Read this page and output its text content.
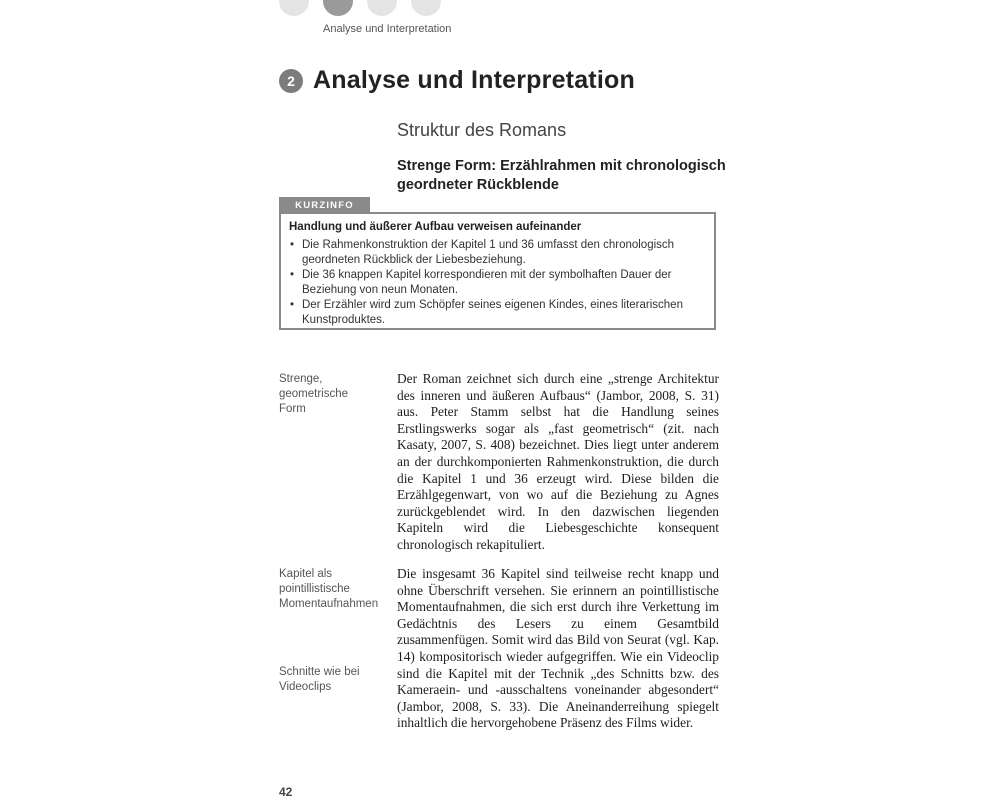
Analyse und Interpretation
2 Analyse und Interpretation
Struktur des Romans
Strenge Form: Erzählrahmen mit chronologisch geordneter Rückblende
KURZINFO
Handlung und äußerer Aufbau verweisen aufeinander
• Die Rahmenkonstruktion der Kapitel 1 und 36 umfasst den chronologisch geordneten Rückblick der Liebesbeziehung.
• Die 36 knappen Kapitel korrespondieren mit der symbolhaften Dauer der Beziehung von neun Monaten.
• Der Erzähler wird zum Schöpfer seines eigenen Kindes, eines literarischen Kunstproduktes.
Strenge, geometrische Form
Kapitel als pointillistische Momentaufnahmen
Schnitte wie bei Videoclips
Der Roman zeichnet sich durch eine „strenge Architektur des inneren und äußeren Aufbaus“ (Jambor, 2008, S. 31) aus. Peter Stamm selbst hat die Handlung seines Erstlingswerks sogar als „fast geometrisch“ (zit. nach Kasaty, 2007, S. 408) bezeichnet. Dies liegt unter anderem an der durchkomponierten Rahmenkonstruktion, die durch die Kapitel 1 und 36 erzeugt wird. Diese bilden die Erzählgegenwart, von wo auf die Beziehung zu Agnes zurückgeblendet wird. In den dazwischen liegenden Kapiteln wird die Liebesgeschichte konsequent chronologisch rekapituliert.
Die insgesamt 36 Kapitel sind teilweise recht knapp und ohne Überschrift versehen. Sie erinnern an pointillistische Momentaufnahmen, die sich erst durch ihre Verkettung im Gedächtnis des Lesers zu einem Gesamtbild zusammenfügen. Somit wird das Bild von Seurat (vgl. Kap. 14) kompositorisch wieder aufgegriffen. Wie ein Videoclip sind die Kapitel mit der Technik „des Schnitts bzw. des Kameraein- und -ausschaltens voneinander abgesondert“ (Jambor, 2008, S. 33). Die Aneinanderreihung spiegelt inhaltlich die hervorgehobene Präsenz des Films wider.
42
